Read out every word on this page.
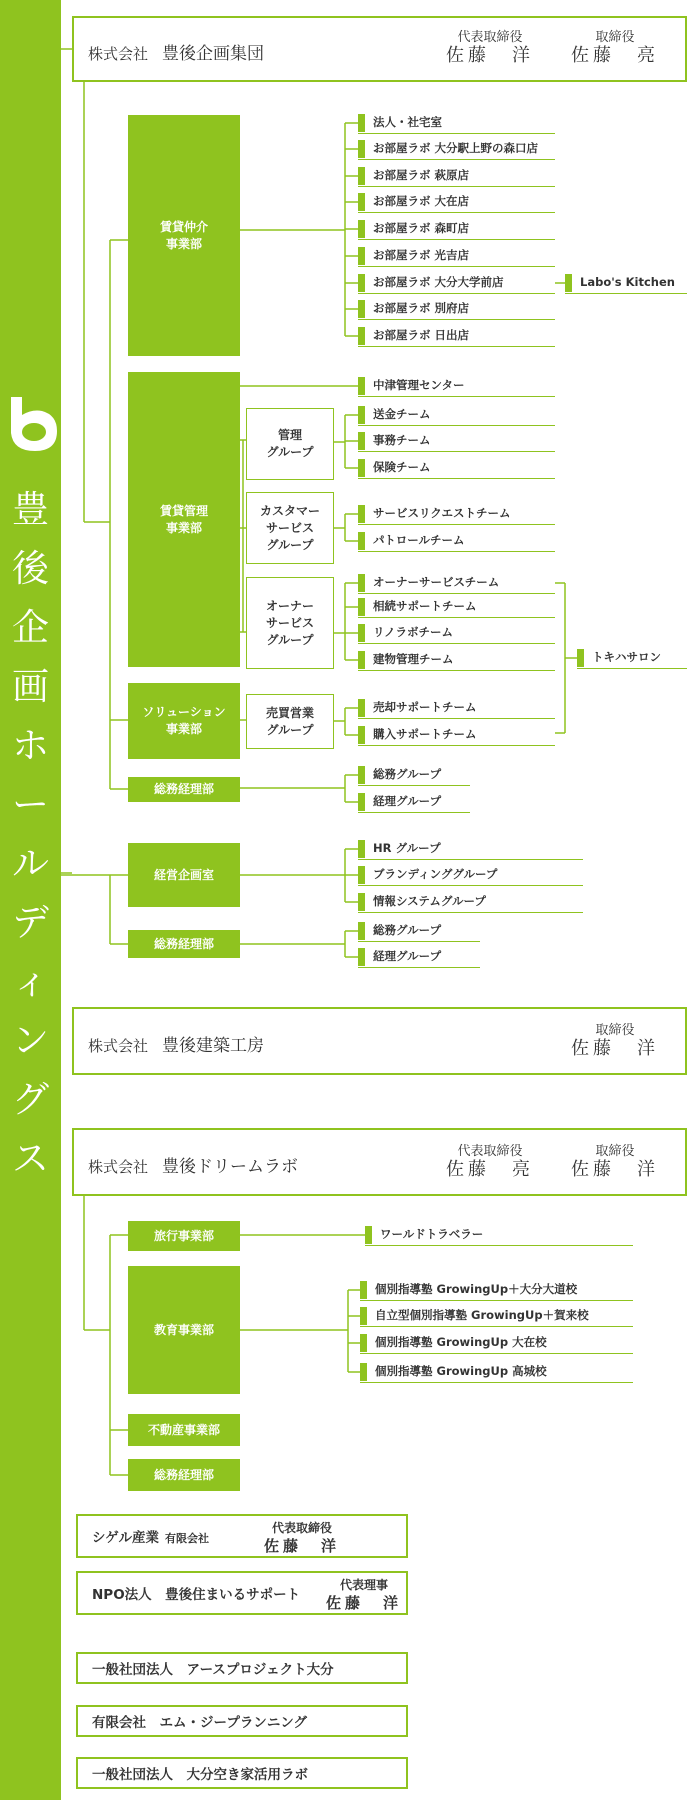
豊
後
企
画
ホ
ー
ル
デ
ィ
ン
グ
ス
株式会社 豊後企画集団
代表取締役
佐藤　洋
取締役
佐藤　亮
賃貸仲介
事業部
法人・社宅室
お部屋ラボ 大分駅上野の森口店
お部屋ラボ 萩原店
お部屋ラボ 大在店
お部屋ラボ 森町店
お部屋ラボ 光吉店
お部屋ラボ 大分大学前店
お部屋ラボ 別府店
お部屋ラボ 日出店
Labo's Kitchen
賃貸管理
事業部
中津管理センター
管理
グループ
送金チーム
事務チーム
保険チーム
カスタマー
サービス
グループ
サービスリクエストチーム
パトロールチーム
オーナー
サービス
グループ
オーナーサービスチーム
相続サポートチーム
リノラボチーム
建物管理チーム	トキハサロン
ソリューション
事業部
売買営業
グループ
売却サポートチーム
購入サポートチーム
総務経理部
総務グループ
経理グループ
経営企画室
HR グループ
ブランディンググループ
情報システムグループ
総務経理部
総務グループ
経理グループ
株式会社 豊後建築工房
取締役
佐藤　洋
株式会社 豊後ドリームラボ
代表取締役
佐藤　亮
取締役
佐藤　洋
旅行事業部	ワールドトラベラー
教育事業部
個別指導塾 GrowingUp＋大分大道校
自立型個別指導塾 GrowingUp＋賀来校
個別指導塾 GrowingUp 大在校
個別指導塾 GrowingUp 高城校
不動産事業部
総務経理部
シゲル産業 有限会社
代表取締役
佐藤　洋
NPO法人　豊後住まいるサポート
代表理事
佐藤　洋
一般社団法人　アースプロジェクト大分
有限会社　エム・ジープランニング
一般社団法人　大分空き家活用ラボ
